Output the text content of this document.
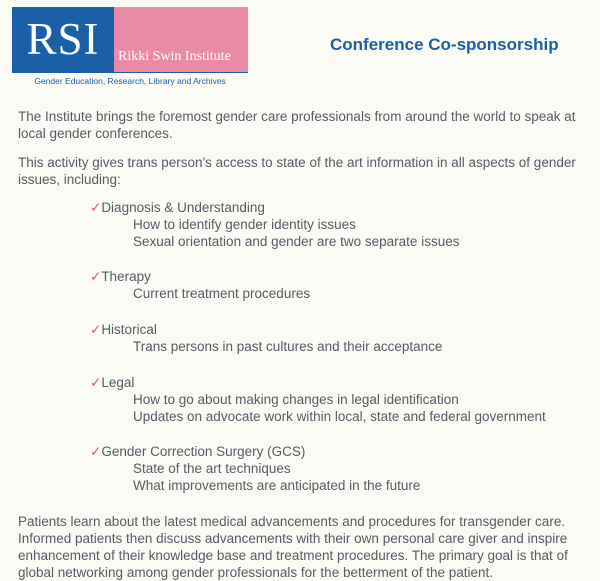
RSI	Rikki Swin Institute
Gender Education, Research, Library and Archives
Conference Co-sponsorship

The Institute brings the foremost gender care professionals from around the world to speak at local gender conferences.

This activity gives trans person's access to state of the art information in all aspects of gender issues, including:

✓Diagnosis & Understanding
How to identify gender identity issues
Sexual orientation and gender are two separate issues
✓Therapy
Current treatment procedures
✓Historical
Trans persons in past cultures and their acceptance
✓Legal
How to go about making changes in legal identification
Updates on advocate work within local, state and federal government
✓Gender Correction Surgery (GCS)
State of the art techniques
What improvements are anticipated in the future

Patients learn about the latest medical advancements and procedures for transgender care. Informed patients then discuss advancements with their own personal care giver and inspire enhancement of their knowledge base and treatment procedures. The primary goal is that of global networking among gender professionals for the betterment of the patient.
